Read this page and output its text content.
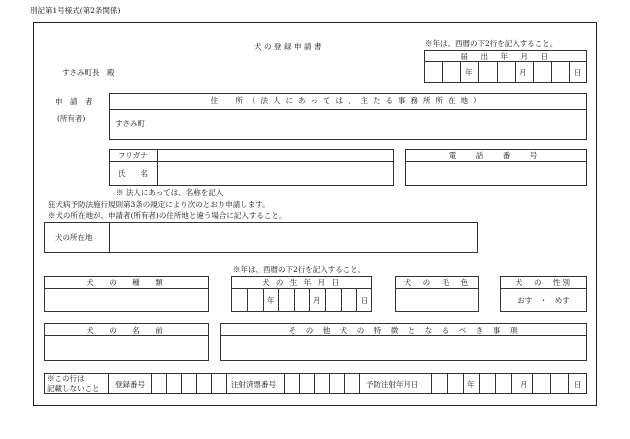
別記第1号様式(第2条関係)
犬の登録申請書
すさみ町長　殿
※年は、西暦の下2行を記入すること。
届　出　年　月　日
年	月	日
申　請　者
(所有者)
住　所（法人にあっては、主たる事務所所在地）
すさみ町
フリガナ
氏　　名
電　話　番　号
※ 法人にあっては、名称を記入
狂犬病予防法施行規則第3条の規定により次のとおり申請します。
※犬の所在地が、申請者(所有者)の住所地と違う場合に記入すること。
犬の所在地
※年は、西暦の下2行を記入すること。
犬　の　種　類	犬 の 生 年 月 日
年	月	日
犬　の　毛　色	犬　の　性別
おす　・　めす
犬　の　名　前	そ　の　他　犬　の　特　徴　と　な　る　べ　き　事　項
※この行は
記載しないこと 登録番号	注射済票番号	予防注射年月日	年	月	日
